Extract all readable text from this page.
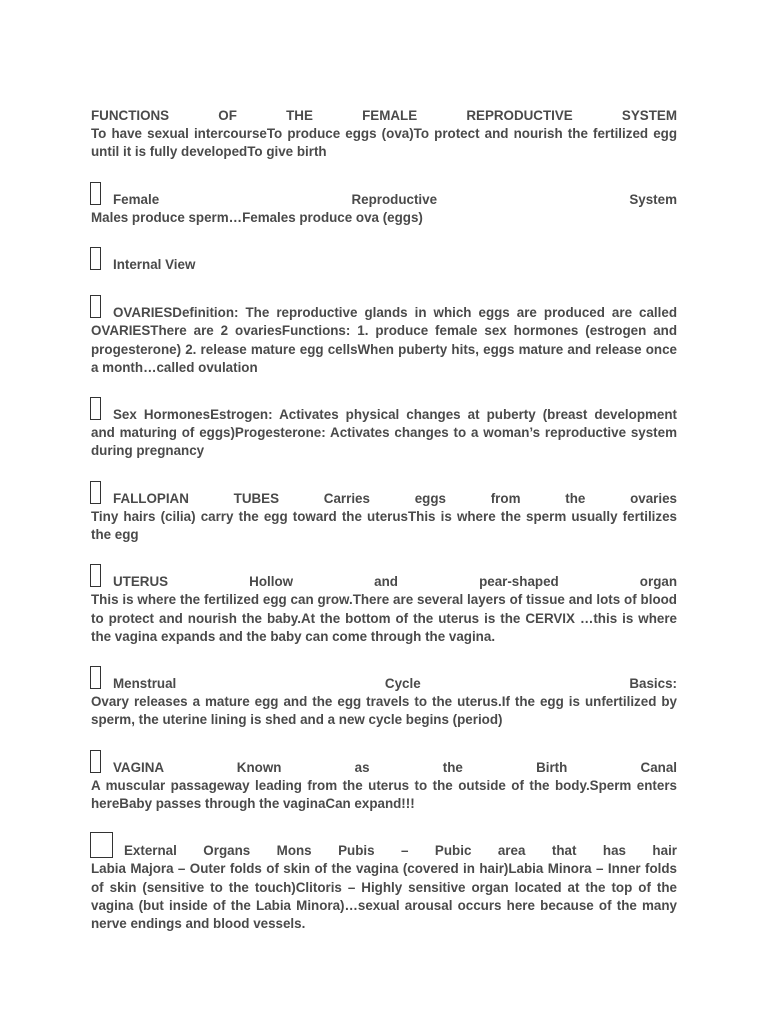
FUNCTIONS OF THE FEMALE REPRODUCTIVE SYSTEM

To have sexual intercourseTo produce eggs (ova)To protect and nourish the fertilized egg until it is fully developedTo give birth

Female Reproductive System

Males produce sperm…Females produce ova (eggs)

Internal View

OVARIESDefinition: The reproductive glands in which eggs are produced are called OVARIESThere are 2 ovariesFunctions: 1. produce female sex hormones (estrogen and progesterone) 2. release mature egg cellsWhen puberty hits, eggs mature and release once a month…called ovulation

Sex HormonesEstrogen: Activates physical changes at puberty (breast development and maturing of eggs)Progesterone: Activates changes to a woman’s reproductive system during pregnancy

FALLOPIAN TUBES Carries eggs from the ovaries

Tiny hairs (cilia) carry the egg toward the uterusThis is where the sperm usually fertilizes the egg

UTERUS Hollow and pear-shaped organ

This is where the fertilized egg can grow.There are several layers of tissue and lots of blood to protect and nourish the baby.At the bottom of the uterus is the CERVIX …this is where the vagina expands and the baby can come through the vagina.

Menstrual Cycle Basics:

Ovary releases a mature egg and the egg travels to the uterus.If the egg is unfertilized by sperm, the uterine lining is shed and a new cycle begins (period)

VAGINA Known as the Birth Canal

A muscular passageway leading from the uterus to the outside of the body.Sperm enters hereBaby passes through the vaginaCan expand!!!

External Organs Mons Pubis – Pubic area that has hair

Labia Majora – Outer folds of skin of the vagina (covered in hair)Labia Minora – Inner folds of skin (sensitive to the touch)Clitoris – Highly sensitive organ located at the top of the vagina (but inside of the Labia Minora)…sexual arousal occurs here because of the many nerve endings and blood vessels.
